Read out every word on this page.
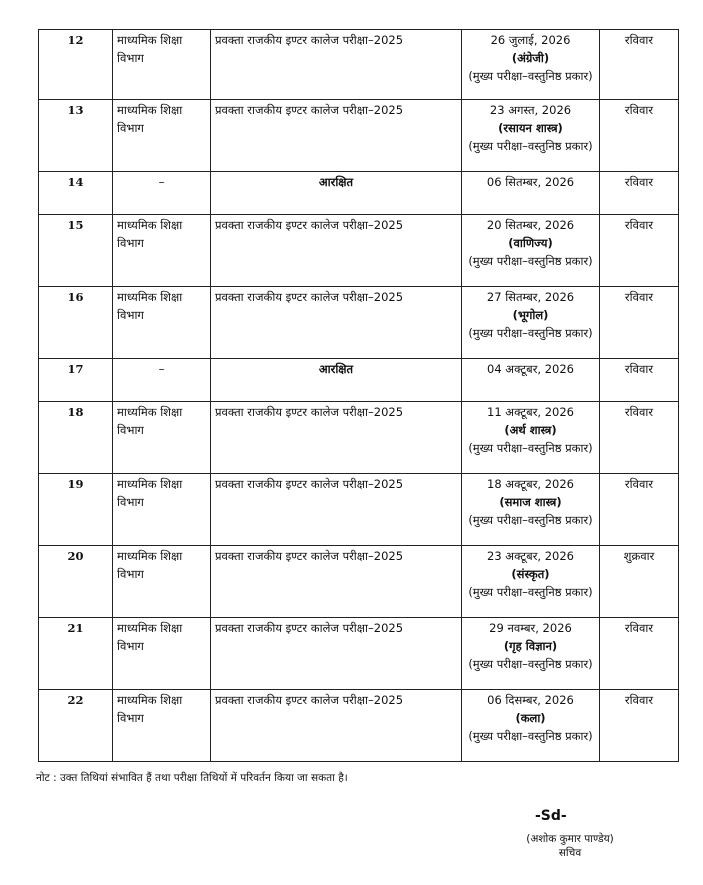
12	माध्यमिक शिक्षा विभाग	प्रवक्ता राजकीय इण्टर कालेज परीक्षा–2025	26 जुलाई, 2026
(अंग्रेजी)
(मुख्य परीक्षा–वस्तुनिष्ठ प्रकार)	रविवार
13	माध्यमिक शिक्षा विभाग	प्रवक्ता राजकीय इण्टर कालेज परीक्षा–2025	23 अगस्त, 2026
(रसायन शास्त्र)
(मुख्य परीक्षा–वस्तुनिष्ठ प्रकार)	रविवार
14	–	आरक्षित	06 सितम्बर, 2026	रविवार
15	माध्यमिक शिक्षा विभाग	प्रवक्ता राजकीय इण्टर कालेज परीक्षा–2025	20 सितम्बर, 2026
(वाणिज्य)
(मुख्य परीक्षा–वस्तुनिष्ठ प्रकार)	रविवार
16	माध्यमिक शिक्षा विभाग	प्रवक्ता राजकीय इण्टर कालेज परीक्षा–2025	27 सितम्बर, 2026
(भूगोल)
(मुख्य परीक्षा–वस्तुनिष्ठ प्रकार)	रविवार
17	–	आरक्षित	04 अक्टूबर, 2026	रविवार
18	माध्यमिक शिक्षा विभाग	प्रवक्ता राजकीय इण्टर कालेज परीक्षा–2025	11 अक्टूबर, 2026
(अर्थ शास्त्र)
(मुख्य परीक्षा–वस्तुनिष्ठ प्रकार)	रविवार
19	माध्यमिक शिक्षा विभाग	प्रवक्ता राजकीय इण्टर कालेज परीक्षा–2025	18 अक्टूबर, 2026
(समाज शास्त्र)
(मुख्य परीक्षा–वस्तुनिष्ठ प्रकार)	रविवार
20	माध्यमिक शिक्षा विभाग	प्रवक्ता राजकीय इण्टर कालेज परीक्षा–2025	23 अक्टूबर, 2026
(संस्कृत)
(मुख्य परीक्षा–वस्तुनिष्ठ प्रकार)	शुक्रवार
21	माध्यमिक शिक्षा विभाग	प्रवक्ता राजकीय इण्टर कालेज परीक्षा–2025	29 नवम्बर, 2026
(गृह विज्ञान)
(मुख्य परीक्षा–वस्तुनिष्ठ प्रकार)	रविवार
22	माध्यमिक शिक्षा विभाग	प्रवक्ता राजकीय इण्टर कालेज परीक्षा–2025	06 दिसम्बर, 2026
(कला)
(मुख्य परीक्षा–वस्तुनिष्ठ प्रकार)	रविवार
नोट : उक्त तिथियां संभावित हैं तथा परीक्षा तिथियों में परिवर्तन किया जा सकता है।
-Sd-
(अशोक कुमार पाण्डेय)
सचिव
